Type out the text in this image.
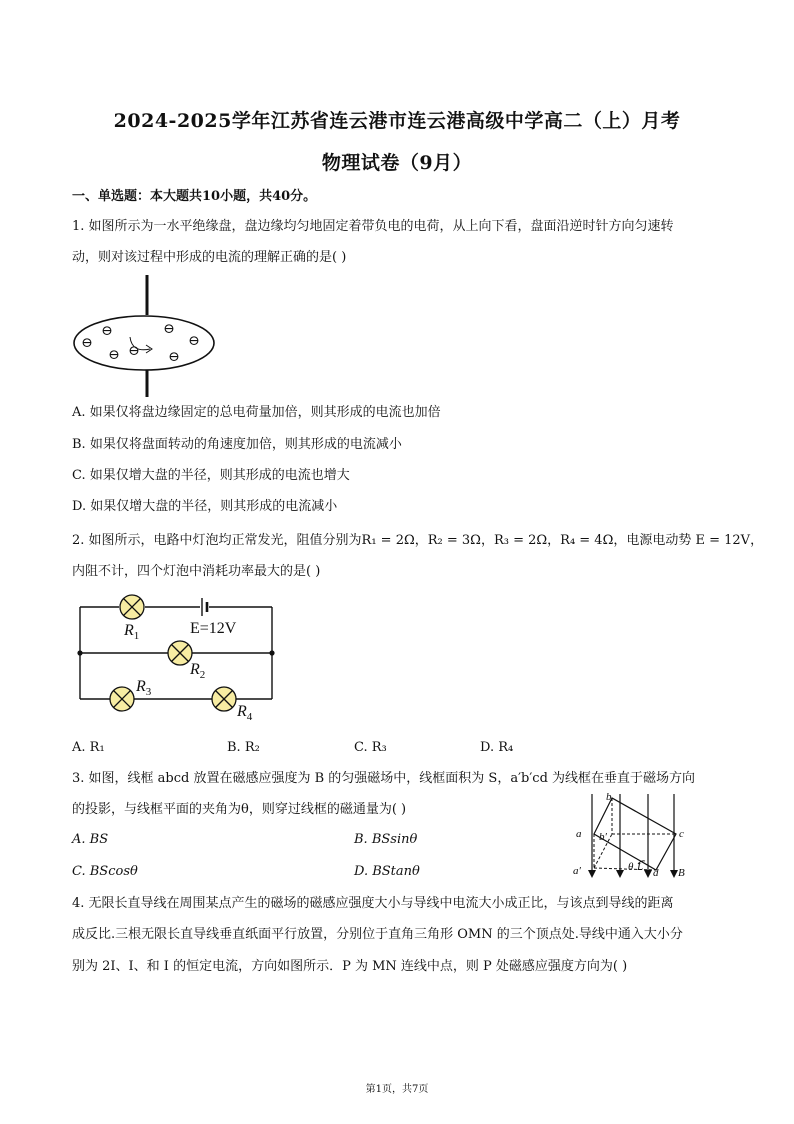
2024-2025学年江苏省连云港市连云港高级中学高二（上）月考
物理试卷（9月）
一、单选题：本大题共10小题，共40分。
1. 如图所示为一水平绝缘盘，盘边缘均匀地固定着带负电的电荷，从上向下看，盘面沿逆时针方向匀速转
动，则对该过程中形成的电流的理解正确的是( )
⊖
⊖
⊖ ⊖
⊖
⊖
⊖
A. 如果仅将盘边缘固定的总电荷量加倍，则其形成的电流也加倍
B. 如果仅将盘面转动的角速度加倍，则其形成的电流减小
C. 如果仅增大盘的半径，则其形成的电流也增大
D. 如果仅增大盘的半径，则其形成的电流减小
2. 如图所示，电路中灯泡均正常发光，阻值分别为R₁ = 2Ω，R₂ = 3Ω，R₃ = 2Ω，R₄ = 4Ω，电源电动势 E = 12V，
内阻不计，四个灯泡中消耗功率最大的是( )
$R_1$	E=12V
$R_2$
$R_3$
$R_4$
A. R₁	B. R₂	C. R₃	D. R₄
3. 如图，线框 abcd 放置在磁感应强度为 B 的匀强磁场中，线框面积为 S，a′b′cd 为线框在垂直于磁场方向
的投影，与线框平面的夹角为θ，则穿过线框的磁通量为( )
A. BS	B. BSsinθ
C. BScosθ	D. BStanθ
a
b
b′	c
a′	θ L d B
4. 无限长直导线在周围某点产生的磁场的磁感应强度大小与导线中电流大小成正比，与该点到导线的距离
成反比.三根无限长直导线垂直纸面平行放置，分别位于直角三角形 OMN 的三个顶点处.导线中通入大小分
别为 2I、I、和 I 的恒定电流，方向如图所示．P 为 MN 连线中点，则 P 处磁感应强度方向为( )
第1页，共7页
